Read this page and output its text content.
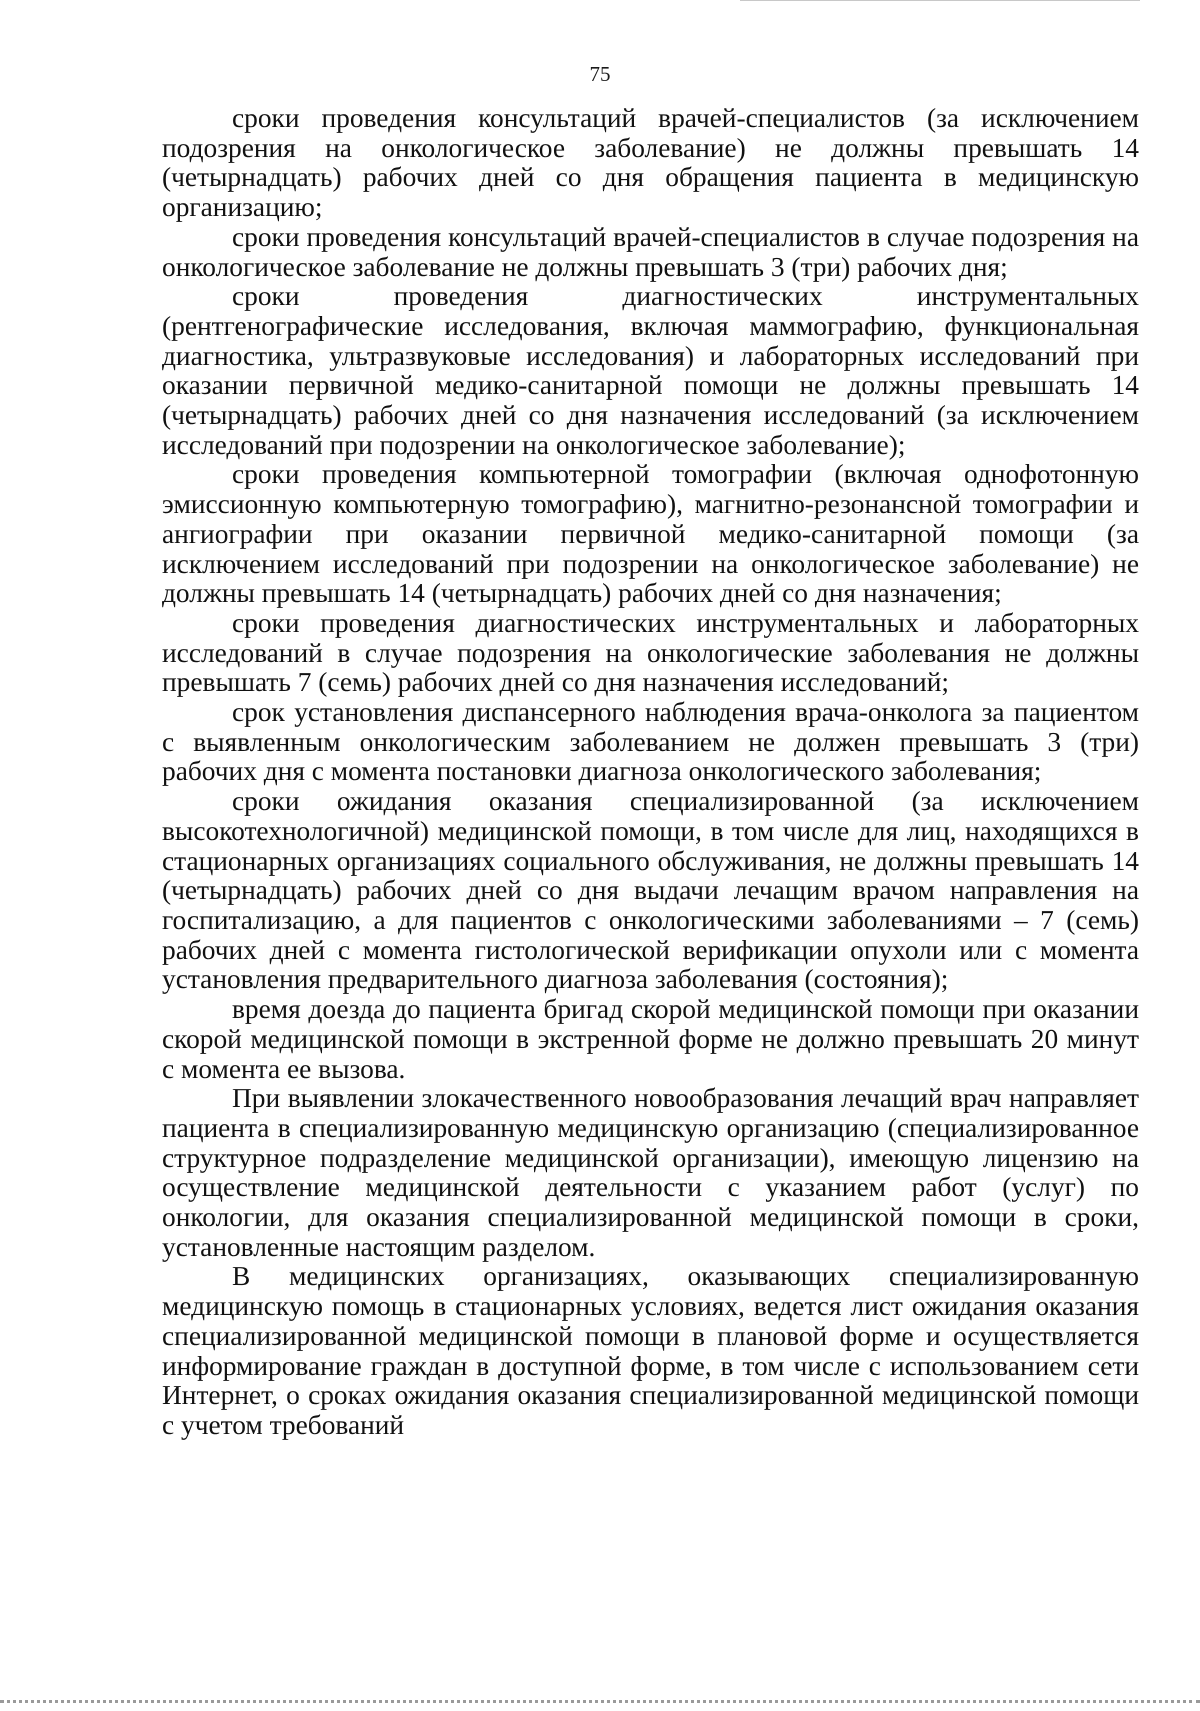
75

сроки проведения консультаций врачей-специалистов (за исключением подозрения на онкологическое заболевание) не должны превышать 14 (четырнадцать) рабочих дней со дня обращения пациента в медицинскую организацию;

сроки проведения консультаций врачей-специалистов в случае подозрения на онкологическое заболевание не должны превышать 3 (три) рабочих дня;

сроки проведения диагностических инструментальных (рентгенографические исследования, включая маммографию, функциональная диагностика, ультразвуковые исследования) и лабораторных исследований при оказании первичной медико-санитарной помощи не должны превышать 14 (четырнадцать) рабочих дней со дня назначения исследований (за исключением исследований при подозрении на онкологическое заболевание);

сроки проведения компьютерной томографии (включая однофотонную эмиссионную компьютерную томографию), магнитно-резонансной томографии и ангиографии при оказании первичной медико-санитарной помощи (за исключением исследований при подозрении на онкологическое заболевание) не должны превышать 14 (четырнадцать) рабочих дней со дня назначения;

сроки проведения диагностических инструментальных и лабораторных исследований в случае подозрения на онкологические заболевания не должны превышать 7 (семь) рабочих дней со дня назначения исследований;

срок установления диспансерного наблюдения врача-онколога за пациентом с выявленным онкологическим заболеванием не должен превышать 3 (три) рабочих дня с момента постановки диагноза онкологического заболевания;

сроки ожидания оказания специализированной (за исключением высокотехнологичной) медицинской помощи, в том числе для лиц, находящихся в стационарных организациях социального обслуживания, не должны превышать 14 (четырнадцать) рабочих дней со дня выдачи лечащим врачом направления на госпитализацию, а для пациентов с онкологическими заболеваниями – 7 (семь) рабочих дней с момента гистологической верификации опухоли или с момента установления предварительного диагноза заболевания (состояния);

время доезда до пациента бригад скорой медицинской помощи при оказании скорой медицинской помощи в экстренной форме не должно превышать 20 минут с момента ее вызова.

При выявлении злокачественного новообразования лечащий врач направляет пациента в специализированную медицинскую организацию (специализированное структурное подразделение медицинской организации), имеющую лицензию на осуществление медицинской деятельности с указанием работ (услуг) по онкологии, для оказания специализированной медицинской помощи в сроки, установленные настоящим разделом.

В медицинских организациях, оказывающих специализированную медицинскую помощь в стационарных условиях, ведется лист ожидания оказания специализированной медицинской помощи в плановой форме и осуществляется информирование граждан в доступной форме, в том числе с использованием сети Интернет, о сроках ожидания оказания специализированной медицинской помощи с учетом требований
